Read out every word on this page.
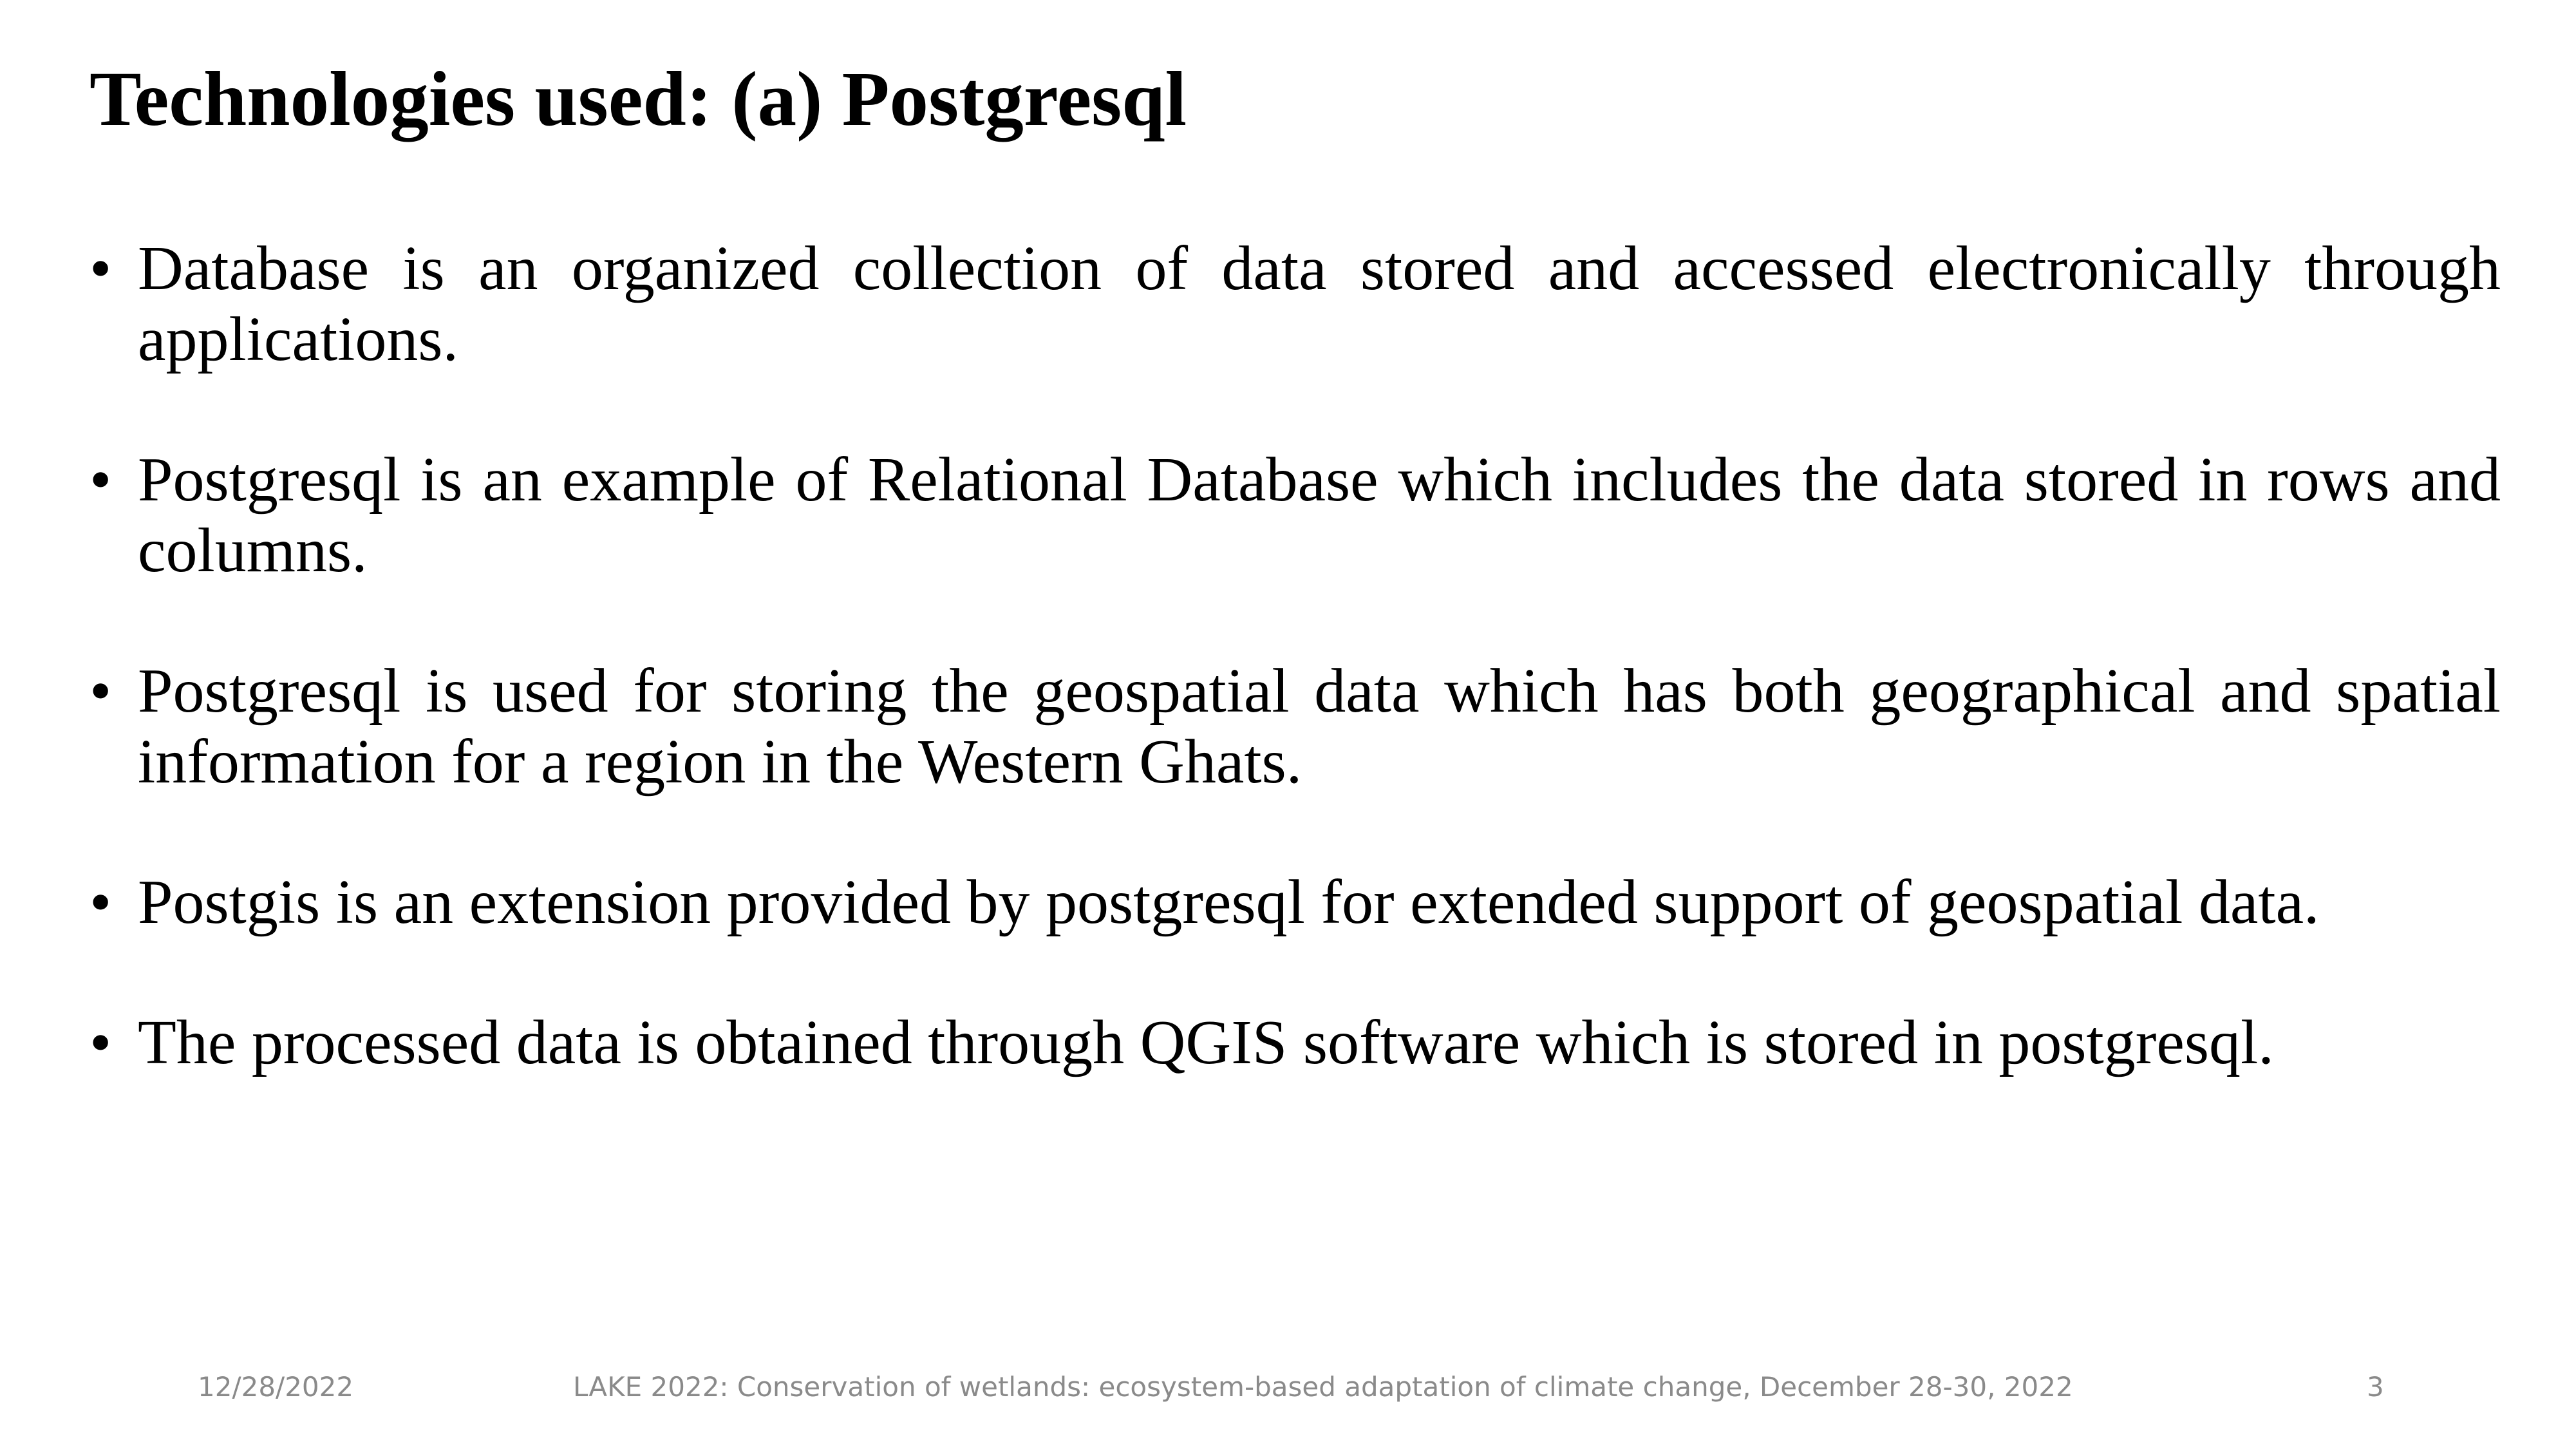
Technologies used: (a) Postgresql
• Database is an organized collection of data stored and accessed electronically through applications.
• Postgresql is an example of Relational Database which includes the data stored in rows and columns.
• Postgresql is used for storing the geospatial data which has both geographical and spatial information for a region in the Western Ghats.
• Postgis is an extension provided by postgresql for extended support of geospatial data.
• The processed data is obtained through QGIS software which is stored in postgresql.
12/28/2022	LAKE 2022: Conservation of wetlands: ecosystem-based adaptation of climate change, December 28-30, 2022	3
